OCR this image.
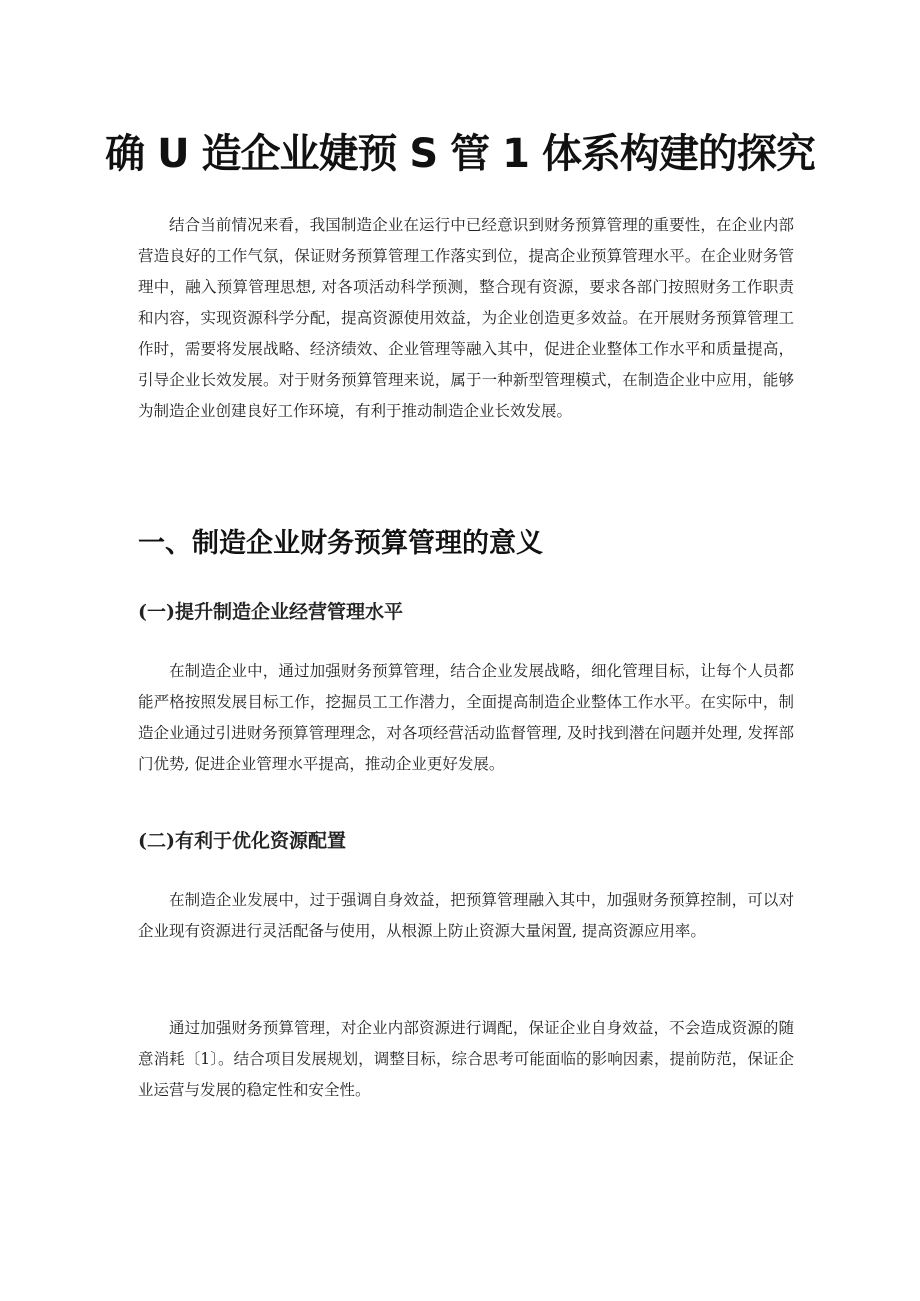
确 U 造企业婕预 S 管 1 体系构建的探究

结合当前情况来看，我国制造企业在运行中已经意识到财务预算管理的重要性，在企业内部营造良好的工作气氛，保证财务预算管理工作落实到位，提高企业预算管理水平。在企业财务管理中，融入预算管理思想, 对各项活动科学预测，整合现有资源，要求各部门按照财务工作职责和内容，实现资源科学分配，提高资源使用效益，为企业创造更多效益。在开展财务预算管理工作时，需要将发展战略、经济绩效、企业管理等融入其中，促进企业整体工作水平和质量提高，引导企业长效发展。对于财务预算管理来说，属于一种新型管理模式，在制造企业中应用，能够为制造企业创建良好工作环境，有利于推动制造企业长效发展。

一、制造企业财务预算管理的意义
(一)提升制造企业经营管理水平

在制造企业中，通过加强财务预算管理，结合企业发展战略，细化管理目标，让每个人员都能严格按照发展目标工作，挖掘员工工作潜力，全面提高制造企业整体工作水平。在实际中，制造企业通过引进财务预算管理理念，对各项经营活动监督管理, 及时找到潜在问题并处理, 发挥部门优势, 促进企业管理水平提高，推动企业更好发展。

(二)有利于优化资源配置

在制造企业发展中，过于强调自身效益，把预算管理融入其中，加强财务预算控制，可以对企业现有资源进行灵活配备与使用，从根源上防止资源大量闲置, 提高资源应用率。

通过加强财务预算管理，对企业内部资源进行调配，保证企业自身效益，不会造成资源的随意消耗〔1〕。结合项目发展规划，调整目标，综合思考可能面临的影响因素，提前防范，保证企业运营与发展的稳定性和安全性。
